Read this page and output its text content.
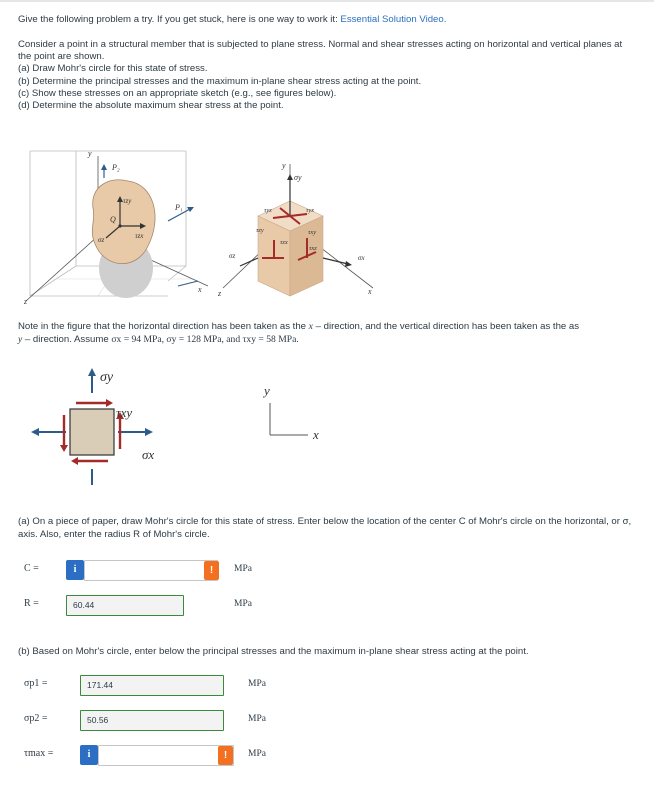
Give the following problem a try. If you get stuck, here is one way to work it: Essential Solution Video.
Consider a point in a structural member that is subjected to plane stress. Normal and shear stresses acting on horizontal and vertical planes at the point are shown.
(a) Draw Mohr's circle for this state of stress.
(b) Determine the principal stresses and the maximum in-plane shear stress acting at the point.
(c) Show these stresses on an appropriate sketch (e.g., see figures below).
(d) Determine the absolute maximum shear stress at the point.
y
P₂
τzy
P₁
Q
τzx
σz
x
z
y
σy
τyz	τyx
τzy
τzx
τxy
τxz
σz	σx
x
z
Note in the figure that the horizontal direction has been taken as the x – direction, and the vertical direction has been taken as the as
y – direction. Assume σx = 94 MPa, σy = 128 MPa, and τxy = 58 MPa.
σy
τxy
σx
y
x
(a) On a piece of paper, draw Mohr's circle for this state of stress. Enter below the location of the center C of Mohr's circle on the horizontal, or σ, axis. Also, enter the radius R of Mohr's circle.
C =	i	!	MPa
R =	60.44	MPa
(b) Based on Mohr's circle, enter below the principal stresses and the maximum in-plane shear stress acting at the point.
σp1 =	171.44	MPa
σp2 =	50.56	MPa
τmax =	i	!	MPa
